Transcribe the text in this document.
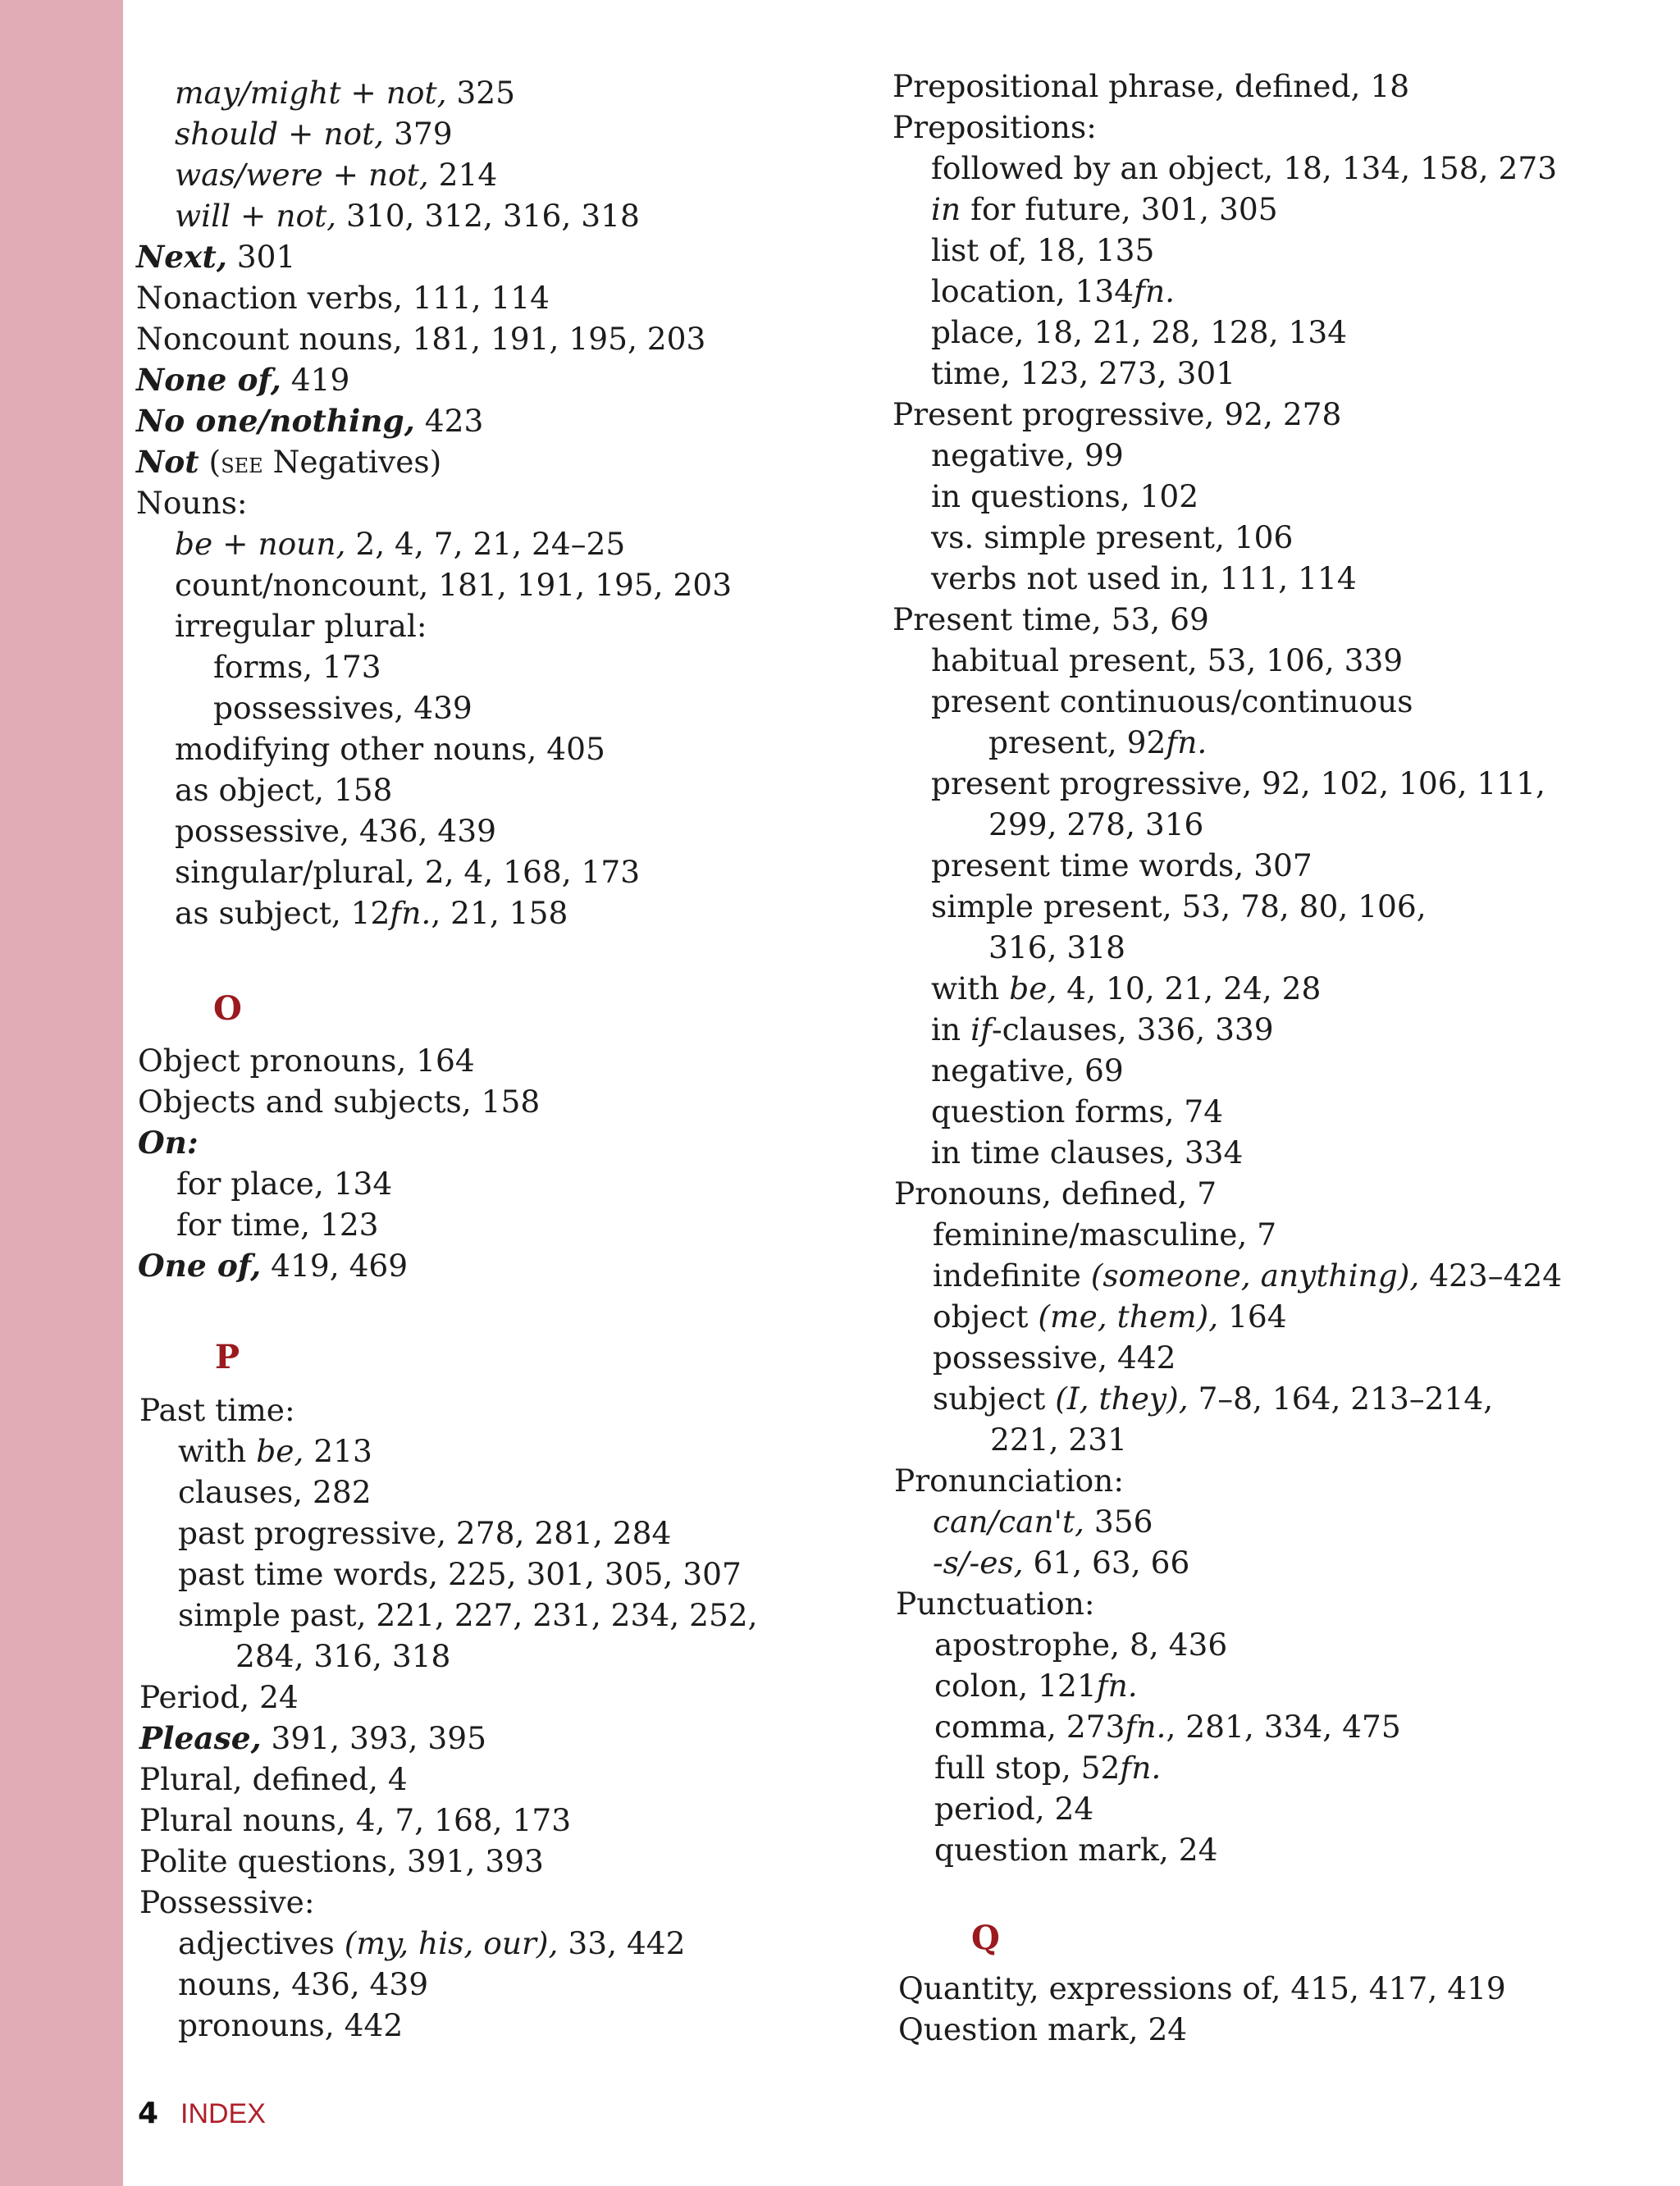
may/might + not, 325
should + not, 379
was/were + not, 214
will + not, 310, 312, 316, 318
Next, 301
Nonaction verbs, 111, 114
Noncount nouns, 181, 191, 195, 203
None of, 419
No one/nothing, 423
Not (see Negatives)
Nouns:
be + noun, 2, 4, 7, 21, 24–25
count/noncount, 181, 191, 195, 203
irregular plural:
forms, 173
possessives, 439
modifying other nouns, 405
as object, 158
possessive, 436, 439
singular/plural, 2, 4, 168, 173
as subject, 12fn., 21, 158
O
Object pronouns, 164
Objects and subjects, 158
On:
for place, 134
for time, 123
One of, 419, 469
P
Past time:
with be, 213
clauses, 282
past progressive, 278, 281, 284
past time words, 225, 301, 305, 307
simple past, 221, 227, 231, 234, 252,
284, 316, 318
Period, 24
Please, 391, 393, 395
Plural, defined, 4
Plural nouns, 4, 7, 168, 173
Polite questions, 391, 393
Possessive:
adjectives (my, his, our), 33, 442
nouns, 436, 439
pronouns, 442
Prepositional phrase, defined, 18
Prepositions:
followed by an object, 18, 134, 158, 273
in for future, 301, 305
list of, 18, 135
location, 134fn.
place, 18, 21, 28, 128, 134
time, 123, 273, 301
Present progressive, 92, 278
negative, 99
in questions, 102
vs. simple present, 106
verbs not used in, 111, 114
Present time, 53, 69
habitual present, 53, 106, 339
present continuous/continuous
present, 92fn.
present progressive, 92, 102, 106, 111,
299, 278, 316
present time words, 307
simple present, 53, 78, 80, 106,
316, 318
with be, 4, 10, 21, 24, 28
in if-clauses, 336, 339
negative, 69
question forms, 74
in time clauses, 334
Pronouns, defined, 7
feminine/masculine, 7
indefinite (someone, anything), 423–424
object (me, them), 164
possessive, 442
subject (I, they), 7–8, 164, 213–214,
221, 231
Pronunciation:
can/can't, 356
-s/-es, 61, 63, 66
Punctuation:
apostrophe, 8, 436
colon, 121fn.
comma, 273fn., 281, 334, 475
full stop, 52fn.
period, 24
question mark, 24
Q
Quantity, expressions of, 415, 417, 419
Question mark, 24
4 INDEX
